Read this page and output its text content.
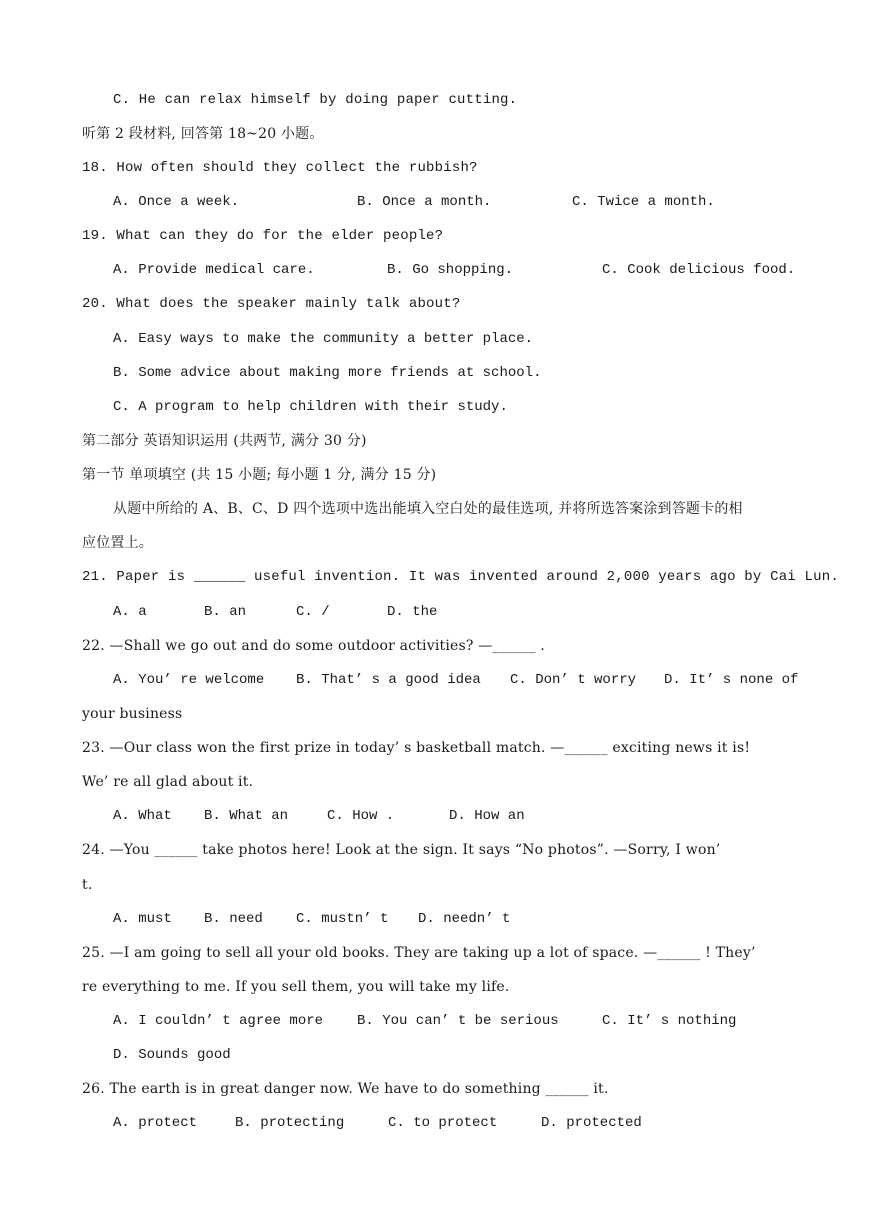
C. He can relax himself by doing paper cutting.
听第 2 段材料, 回答第 18~20 小题。
18. How often should they collect the rubbish?
A. Once a week.	B. Once a month.	C. Twice a month.
19. What can they do for the elder people?
A. Provide medical care.	B. Go shopping.	C. Cook delicious food.
20. What does the speaker mainly talk about?
A. Easy ways to make the community a better place.
B. Some advice about making more friends at school.
C. A program to help children with their study.
第二部分 英语知识运用 (共两节, 满分 30 分)
第一节 单项填空 (共 15 小题; 每小题 1 分, 满分 15 分)
从题中所给的 A、B、C、D 四个选项中选出能填入空白处的最佳选项, 并将所选答案涂到答题卡的相
应位置上。
21. Paper is ______ useful invention. It was invented around 2,000 years ago by Cai Lun.
A. a	B. an	C. /	D. the
22. —Shall we go out and do some outdoor activities? —______ .
A. You’ re welcome B. That’ s a good idea C. Don’ t worry D. It’ s none of
your business
23. —Our class won the first prize in today’ s basketball match. —______ exciting news it is!
We’ re all glad about it.
A. What B. What an	C. How .	D. How an
24. —You ______ take photos here! Look at the sign. It says “No photos”. —Sorry, I won’
t.
A. must B. need C. mustn’ t D. needn’ t
25. —I am going to sell all your old books. They are taking up a lot of space. —______ ! They’
re everything to me. If you sell them, you will take my life.
A. I couldn’ t agree more B. You can’ t be serious	C. It’ s nothing
D. Sounds good
26. The earth is in great danger now. We have to do something ______ it.
A. protect	B. protecting	C. to protect	D. protected
